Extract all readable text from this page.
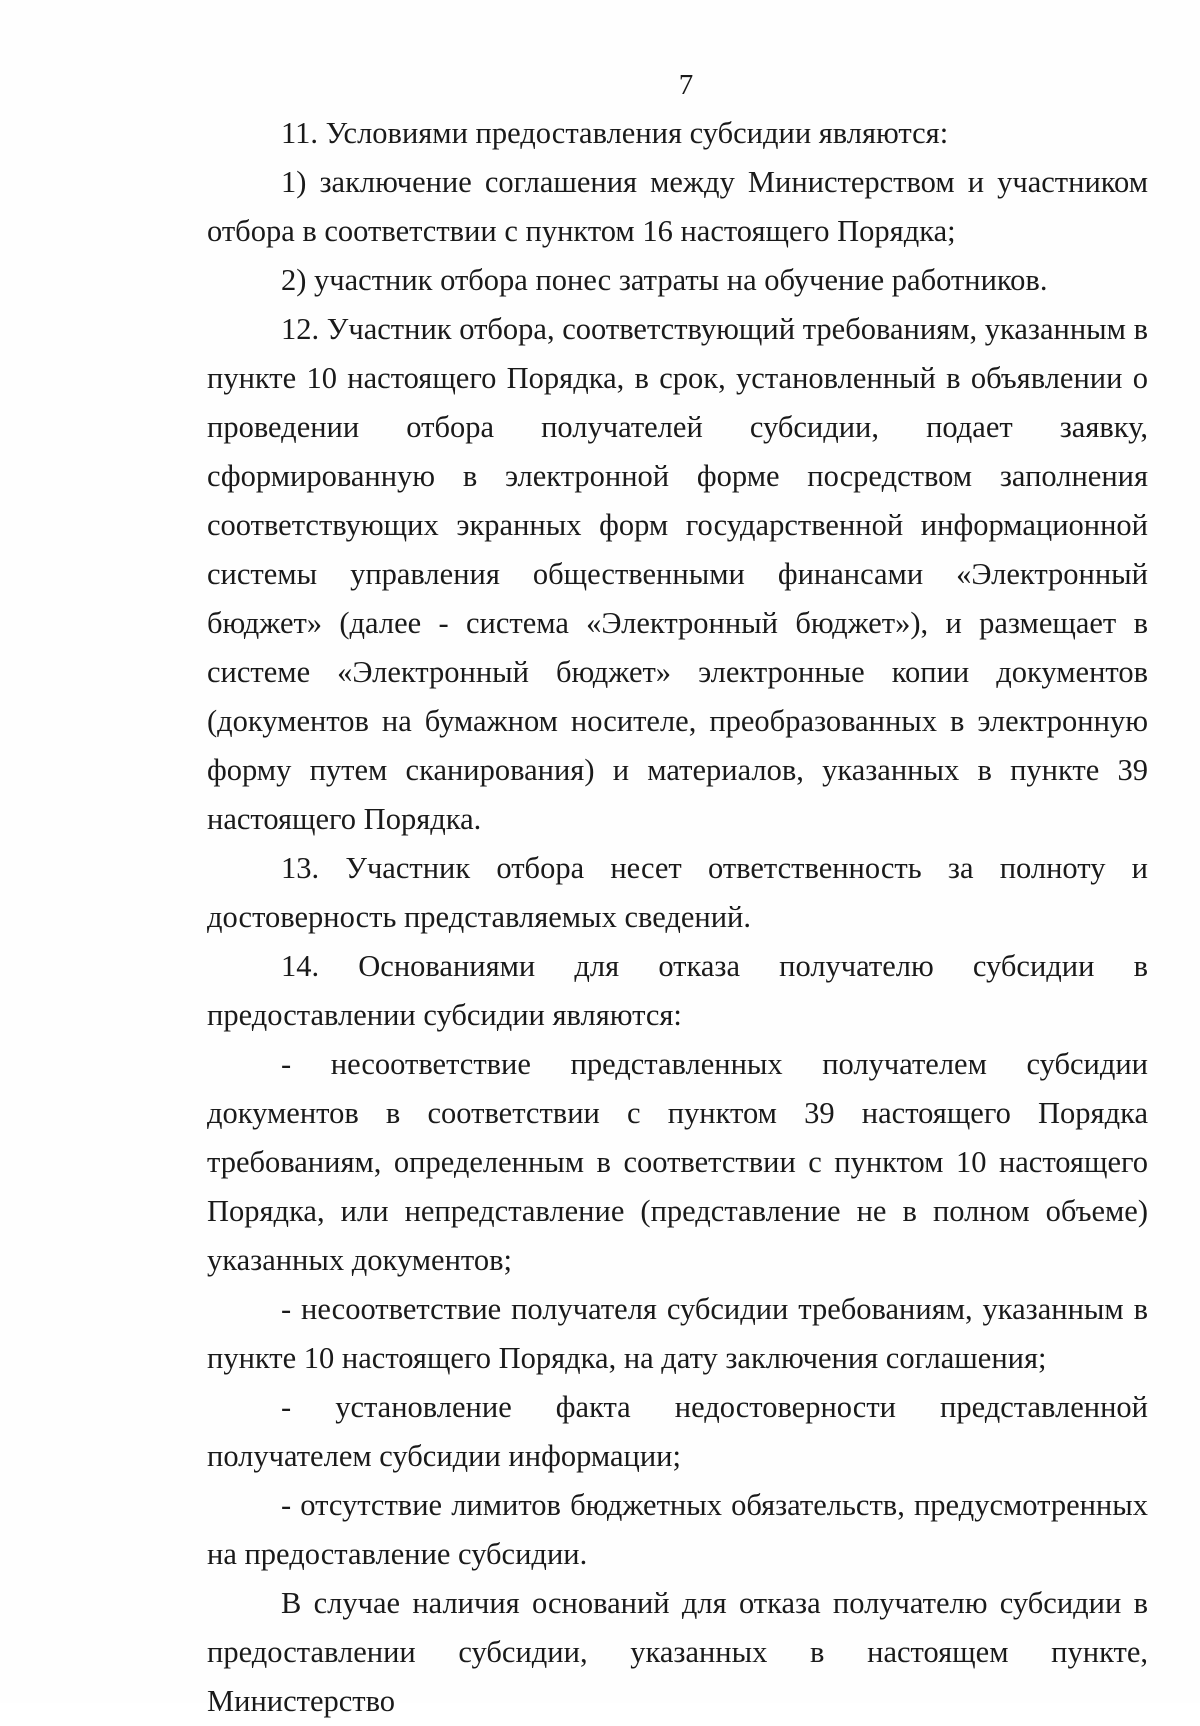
7

11. Условиями предоставления субсидии являются:

1) заключение соглашения между Министерством и участником отбора в соответствии с пунктом 16 настоящего Порядка;

2) участник отбора понес затраты на обучение работников.

12. Участник отбора, соответствующий требованиям, указанным в пункте 10 настоящего Порядка, в срок, установленный в объявлении о проведении отбора получателей субсидии, подает заявку, сформированную в электронной форме посредством заполнения соответствующих экранных форм государственной информационной системы управления общественными финансами «Электронный бюджет» (далее - система «Электронный бюджет»), и размещает в системе «Электронный бюджет» электронные копии документов (документов на бумажном носителе, преобразованных в электронную форму путем сканирования) и материалов, указанных в пункте 39 настоящего Порядка.

13. Участник отбора несет ответственность за полноту и достоверность представляемых сведений.

14. Основаниями для отказа получателю субсидии в предоставлении субсидии являются:

- несоответствие представленных получателем субсидии документов в соответствии с пунктом 39 настоящего Порядка требованиям, определенным в соответствии с пунктом 10 настоящего Порядка, или непредставление (представление не в полном объеме) указанных документов;

- несоответствие получателя субсидии требованиям, указанным в пункте 10 настоящего Порядка, на дату заключения соглашения;

- установление факта недостоверности представленной получателем субсидии информации;

- отсутствие лимитов бюджетных обязательств, предусмотренных на предоставление субсидии.

В случае наличия оснований для отказа получателю субсидии в предоставлении субсидии, указанных в настоящем пункте, Министерство
